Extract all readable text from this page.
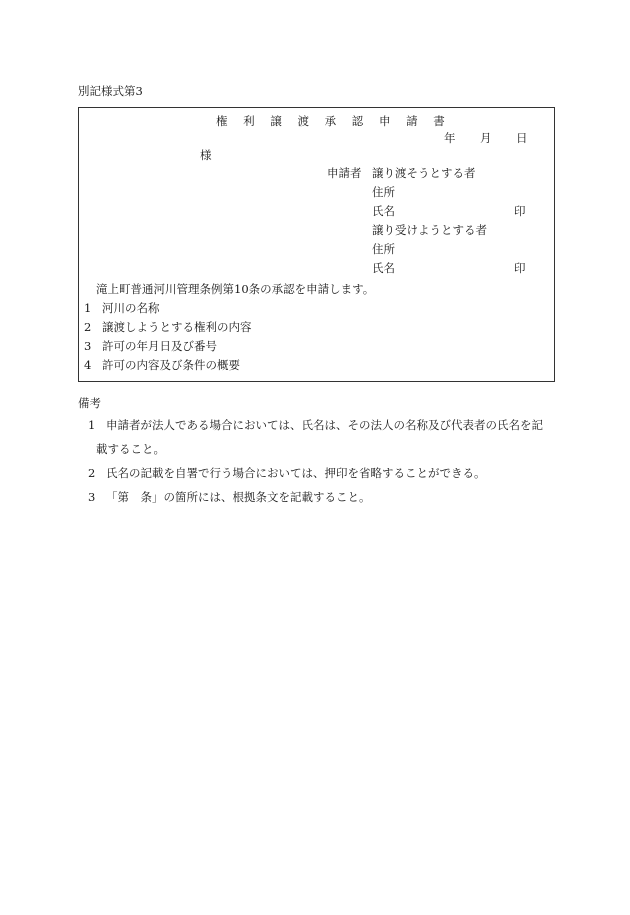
別記様式第3
権 利 譲 渡 承 認 申 請 書
年 月 日
様
申請者 譲り渡そうとする者
住所
氏名	印
譲り受けようとする者
住所
氏名	印
滝上町普通河川管理条例第10条の承認を申請します。
1 河川の名称
2 譲渡しようとする権利の内容
3 許可の年月日及び番号
4 許可の内容及び条件の概要
備考
1 申請者が法人である場合においては、氏名は、その法人の名称及び代表者の氏名を記
載すること。
2 氏名の記載を自署で行う場合においては、押印を省略することができる。
3 「第　条」の箇所には、根拠条文を記載すること。
